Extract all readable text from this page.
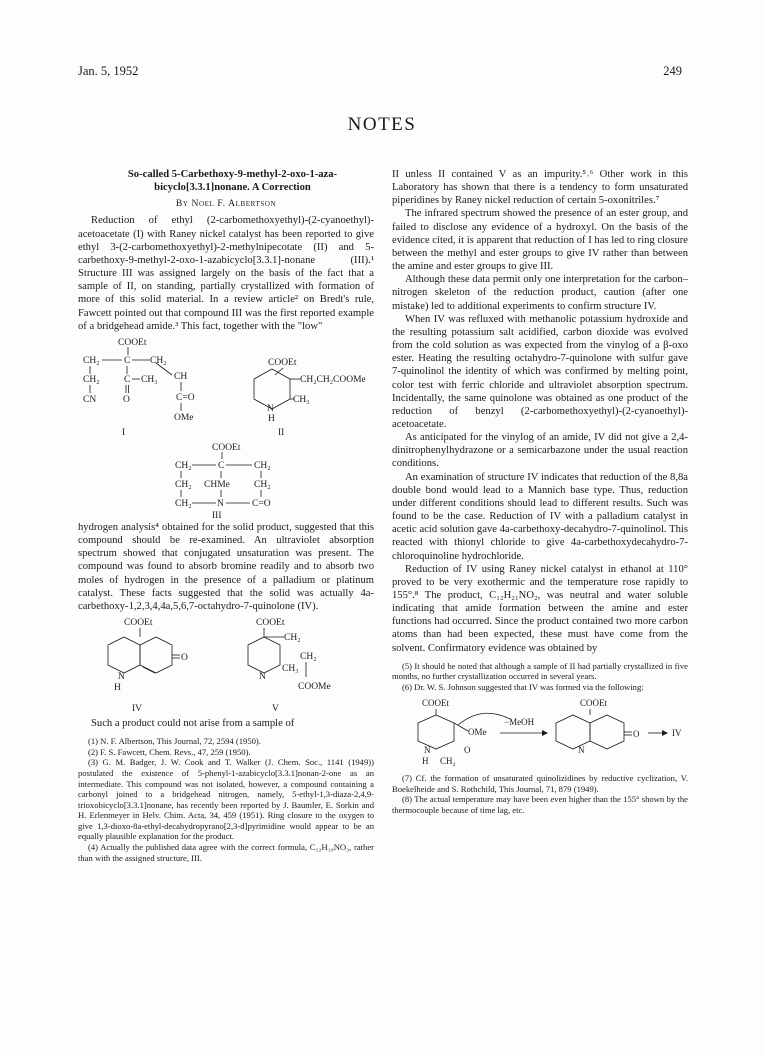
Jan. 5, 1952	249
NOTES

So-called 5-Carbethoxy-9-methyl-2-oxo-1-aza-

bicyclo[3.3.1]nonane. A Correction

By Noel F. Albertson

Reduction of ethyl (2-carbomethoxyethyl)-(2-cyanoethyl)-acetoacetate (I) with Raney nickel catalyst has been reported to give ethyl 3-(2-carbomethoxyethyl)-2-methylnipecotate (II) and 5-carbethoxy-9-methyl-2-oxo-1-azabicyclo[3.3.1]-nonane (III).¹ Structure III was assigned largely on the basis of the fact that a sample of II, on standing, partially crystallized with formation of more of this solid material. In a review article² on Bredt's rule, Fawcett pointed out that compound III was the first reported example of a bridgehead amide.³ This fact, together with the "low"

COOEt
CH₂	C CH₂
CH₂	C CH₃
CN	O
I
CH
C=O
OMe
COOEt
CH₂CH₂COOMe
N
CH₃
H
II
COOEt
CH₂	C	CH₂
CH₂ CHMe	CH₂
CH₂	N	C=O
III

hydrogen analysis⁴ obtained for the solid product, suggested that this compound should be re-examined. An ultraviolet absorption spectrum showed that conjugated unsaturation was present. The compound was found to absorb bromine readily and to absorb two moles of hydrogen in the presence of a palladium or platinum catalyst. These facts suggested that the solid was actually 4a-carbethoxy-1,2,3,4,4a,5,6,7-octahydro-7-quinolone (IV).

COOEt
O
N
H
IV
COOEt
CH₂
N
CH₃
CH₂
COOMe
V

Such a product could not arise from a sample of

(1) N. F. Albertson, This Journal, 72, 2594 (1950).

(2) F. S. Fawcett, Chem. Revs., 47, 259 (1950).

(3) G. M. Badger, J. W. Cook and T. Walker (J. Chem. Soc., 1141 (1949)) postulated the existence of 5-phenyl-1-azabicyclo[3.3.1]nonan-2-one as an intermediate. This compound was not isolated, however, a compound containing a carbonyl joined to a bridgehead nitrogen, namely, 5-ethyl-1,3-diaza-2,4,9-trioxobicyclo[3.3.1]nonane, has recently been reported by J. Baumler, E. Sorkin and H. Erlenmeyer in Helv. Chim. Acta, 34, 459 (1951). Ring closure to the oxygen to give 1,3-dioxo-8a-ethyl-decahydropyrano[2,3-d]pyrimidine would appear to be an equally plausible explanation for the product.

(4) Actually the published data agree with the correct formula, C₁₂H₁₉NO₃, rather than with the assigned structure, III.

II unless II contained V as an impurity.⁵˒⁶ Other work in this Laboratory has shown that there is a tendency to form unsaturated piperidines by Raney nickel reduction of certain 5-oxonitriles.⁷

The infrared spectrum showed the presence of an ester group, and failed to disclose any evidence of a hydroxyl. On the basis of the evidence cited, it is apparent that reduction of I has led to ring closure between the methyl and ester groups to give IV rather than between the amine and ester groups to give III.

Although these data permit only one interpretation for the carbon–nitrogen skeleton of the reduction product, caution (after one mistake) led to additional experiments to confirm structure IV.

When IV was refluxed with methanolic potassium hydroxide and the resulting potassium salt acidified, carbon dioxide was evolved from the cold solution as was expected from the vinylog of a β-oxo ester. Heating the resulting octahydro-7-quinolone with sulfur gave 7-quinolinol the identity of which was confirmed by melting point, color test with ferric chloride and ultraviolet absorption spectrum. Incidentally, the same quinolone was obtained as one product of the reduction of benzyl (2-carbomethoxyethyl)-(2-cyanoethyl)-acetoacetate.

As anticipated for the vinylog of an amide, IV did not give a 2,4-dinitrophenylhydrazone or a semicarbazone under the usual reaction conditions.

An examination of structure IV indicates that reduction of the 8,8a double bond would lead to a Mannich base type. Thus, reduction under different conditions should lead to different results. Such was found to be the case. Reduction of IV with a palladium catalyst in acetic acid solution gave 4a-carbethoxy-decahydro-7-quinolinol. This reacted with thionyl chloride to give 4a-carbethoxydecahydro-7-chloroquinoline hydrochloride.

Reduction of IV using Raney nickel catalyst in ethanol at 110° proved to be very exothermic and the temperature rose rapidly to 155°.⁸ The product, C₁₂H₂₁NO₂, was neutral and water soluble indicating that amide formation between the amine and ester functions had occurred. Since the product contained two more carbon atoms than had been expected, these must have come from the solvent. Confirmatory evidence was obtained by

(5) It should be noted that although a sample of II had partially crystallized in five months, no further crystallization occurred in several years.

(6) Dr. W. S. Johnson suggested that IV was formed via the following:

COOEt
OMe
N
H CH₂
O
−MeOH
COOEt
O
N
IV

(7) Cf. the formation of unsaturated quinolizidines by reductive cyclization, V. Boekelheide and S. Rothchild, This Journal, 71, 879 (1949).

(8) The actual temperature may have been even higher than the 155° shown by the thermocouple because of time lag, etc.
